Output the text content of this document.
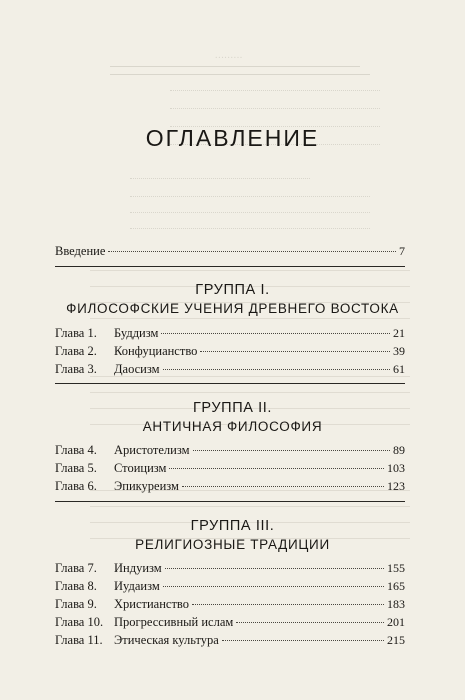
.........
ОГЛАВЛЕНИЕ
Введение	7
ГРУППА I.
ФИЛОСОФСКИЕ УЧЕНИЯ ДРЕВНЕГО ВОСТОКА
Глава 1.	Буддизм	21
Глава 2.	Конфуцианство	39
Глава 3.	Даосизм	61
ГРУППА II.
АНТИЧНАЯ ФИЛОСОФИЯ
Глава 4.	Аристотелизм	89
Глава 5.	Стоицизм	103
Глава 6.	Эпикуреизм	123
ГРУППА III.
РЕЛИГИОЗНЫЕ ТРАДИЦИИ
Глава 7.	Индуизм	155
Глава 8.	Иудаизм	165
Глава 9.	Христианство	183
Глава 10. Прогрессивный ислам	201
Глава 11. Этическая культура	215
